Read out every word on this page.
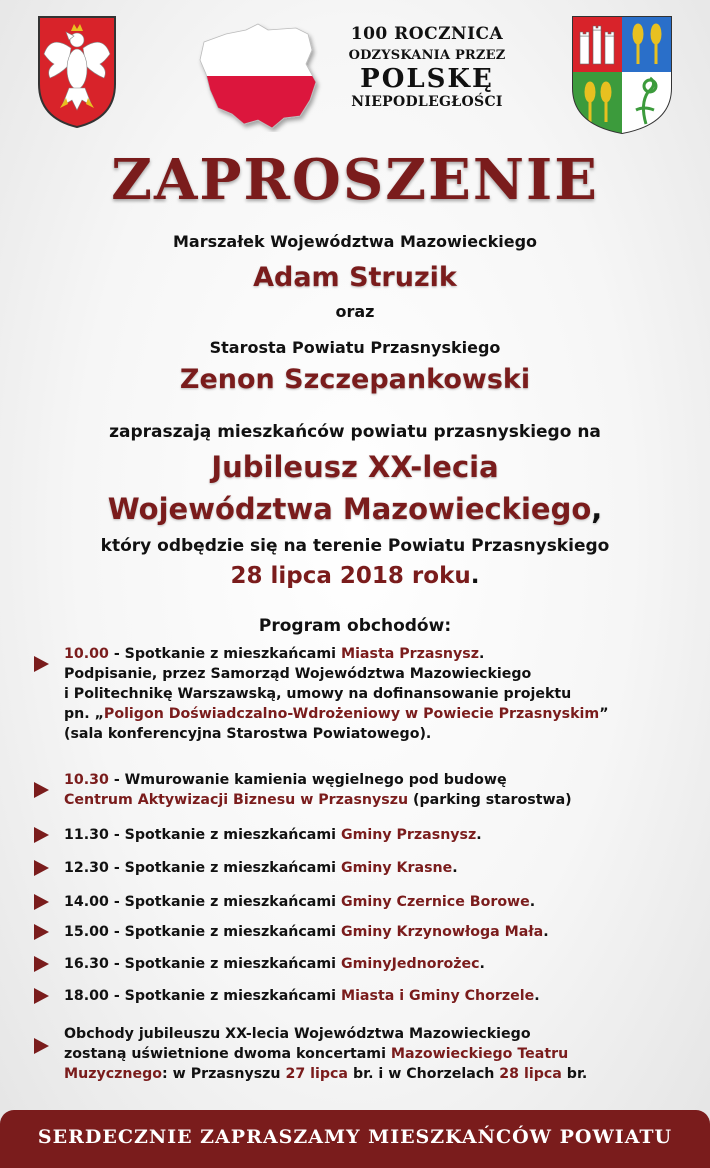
100 ROCZNICA
ODZYSKANIA PRZEZ
POLSKĘ
NIEPODLEGŁOŚCI
ZAPROSZENIE
Marszałek Województwa Mazowieckiego
Adam Struzik
oraz
Starosta Powiatu Przasnyskiego
Zenon Szczepankowski
zapraszają mieszkańców powiatu przasnyskiego na
Jubileusz XX-lecia
Województwa Mazowieckiego,
który odbędzie się na terenie Powiatu Przasnyskiego
28 lipca 2018 roku.
Program obchodów:
10.00 - Spotkanie z mieszkańcami Miasta Przasnysz.
Podpisanie, przez Samorząd Województwa Mazowieckiego
i Politechnikę Warszawską, umowy na dofinansowanie projektu
pn. „Poligon Doświadczalno-Wdrożeniowy w Powiecie Przasnyskim”
(sala konferencyjna Starostwa Powiatowego).
10.30 - Wmurowanie kamienia węgielnego pod budowę
Centrum Aktywizacji Biznesu w Przasnyszu (parking starostwa)
11.30 - Spotkanie z mieszkańcami Gminy Przasnysz.
12.30 - Spotkanie z mieszkańcami Gminy Krasne.
14.00 - Spotkanie z mieszkańcami Gminy Czernice Borowe.
15.00 - Spotkanie z mieszkańcami Gminy Krzynowłoga Mała.
16.30 - Spotkanie z mieszkańcami GminyJednorożec.
18.00 - Spotkanie z mieszkańcami Miasta i Gminy Chorzele.
Obchody jubileuszu XX-lecia Województwa Mazowieckiego
zostaną uświetnione dwoma koncertami Mazowieckiego Teatru
Muzycznego: w Przasnyszu 27 lipca br. i w Chorzelach 28 lipca br.
SERDECZNIE ZAPRASZAMY MIESZKAŃCÓW POWIATU
